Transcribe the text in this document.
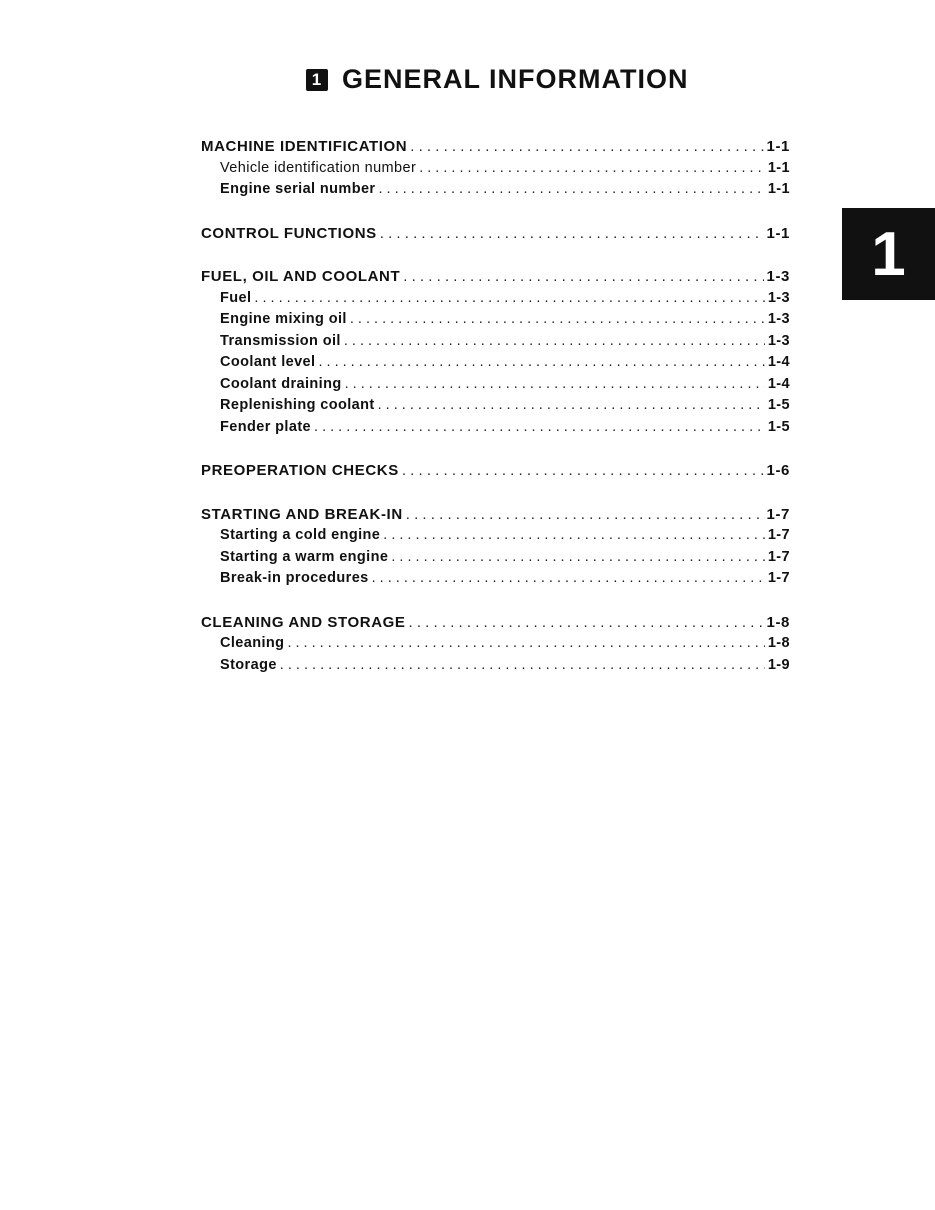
1 GENERAL INFORMATION
1
MACHINE IDENTIFICATION . . .	1-1
Vehicle identification number . . .	1-1
Engine serial number . . .	1-1
CONTROL FUNCTIONS . . .	1-1
FUEL, OIL AND COOLANT . . .	1-3
Fuel . . .	1-3
Engine mixing oil . . .	1-3
Transmission oil . . .	1-3
Coolant level . . .	1-4
Coolant draining . . .	1-4
Replenishing coolant . . .	1-5
Fender plate . . .	1-5
PREOPERATION CHECKS . . .	1-6
STARTING AND BREAK-IN . . .	1-7
Starting a cold engine . . .	1-7
Starting a warm engine . . .	1-7
Break-in procedures . . .	1-7
CLEANING AND STORAGE . . .	1-8
Cleaning . . .	1-8
Storage . . .	1-9
